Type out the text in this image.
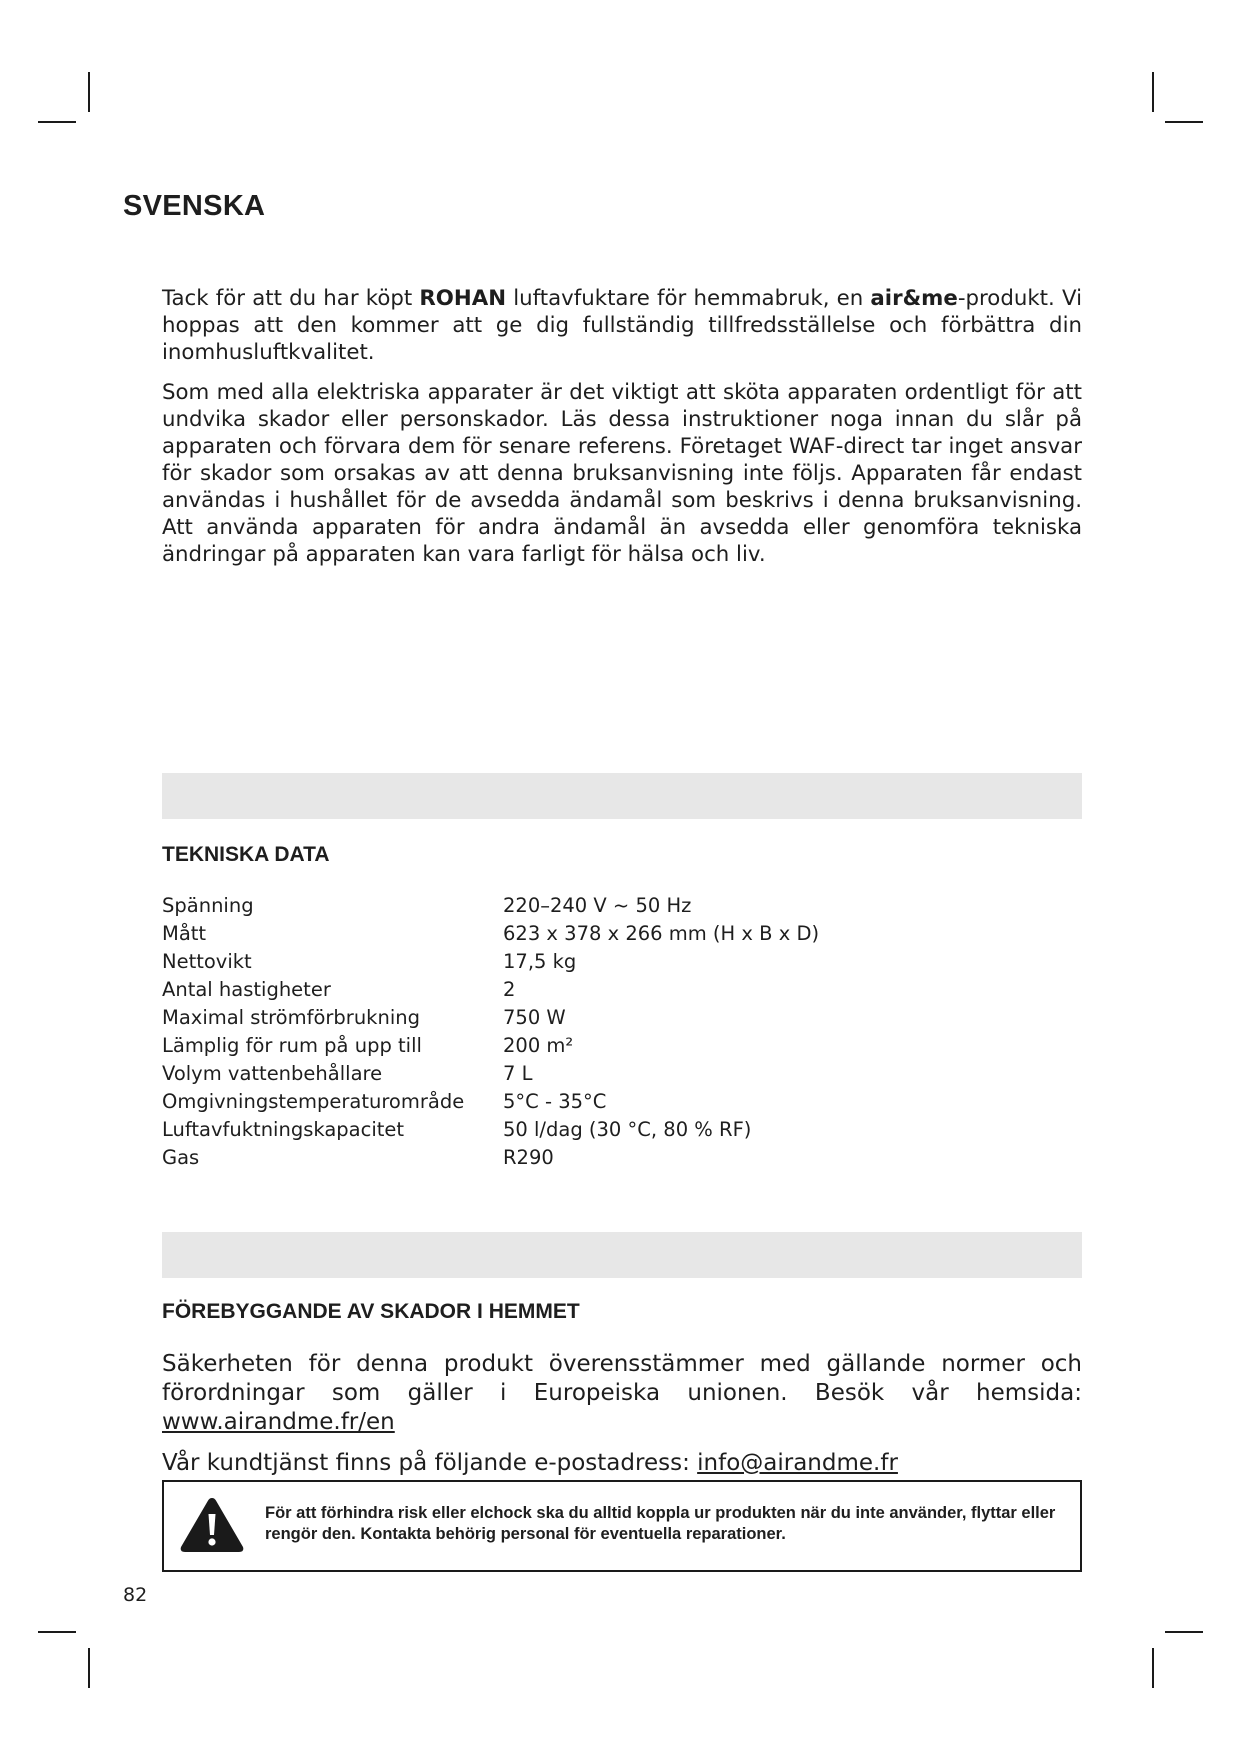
SVENSKA

Tack för att du har köpt ROHAN luftavfuktare för hemmabruk, en air&me-produkt. Vi hoppas att den kommer att ge dig fullständig tillfredsställelse och förbättra din inomhusluftkvalitet.

Som med alla elektriska apparater är det viktigt att sköta apparaten ordentligt för att undvika skador eller personskador. Läs dessa instruktioner noga innan du slår på apparaten och förvara dem för senare referens. Företaget WAF-direct tar inget ansvar för skador som orsakas av att denna bruksanvisning inte följs. Apparaten får endast användas i hushållet för de avsedda ändamål som beskrivs i denna bruksanvisning. Att använda apparaten för andra ändamål än avsedda eller genomföra tekniska ändringar på apparaten kan vara farligt för hälsa och liv.

TEKNISKA DATA
Spänning	220–240 V ~ 50 Hz
Mått	623 x 378 x 266 mm (H x B x D)
Nettovikt	17,5 kg
Antal hastigheter	2
Maximal strömförbrukning	750 W
Lämplig för rum på upp till	200 m²
Volym vattenbehållare	7 L
Omgivningstemperaturområde	5°C - 35°C
Luftavfuktningskapacitet	50 l/dag (30 °C, 80 % RF)
Gas	R290
FÖREBYGGANDE AV SKADOR I HEMMET

Säkerheten för denna produkt överensstämmer med gällande normer och förordningar som gäller i Europeiska unionen. Besök vår hemsida: www.airandme.fr/en

Vår kundtjänst finns på följande e-postadress: info@airandme.fr

För att förhindra risk eller elchock ska du alltid koppla ur produkten när du inte använder, flyttar eller rengör den. Kontakta behörig personal för eventuella reparationer.
82
